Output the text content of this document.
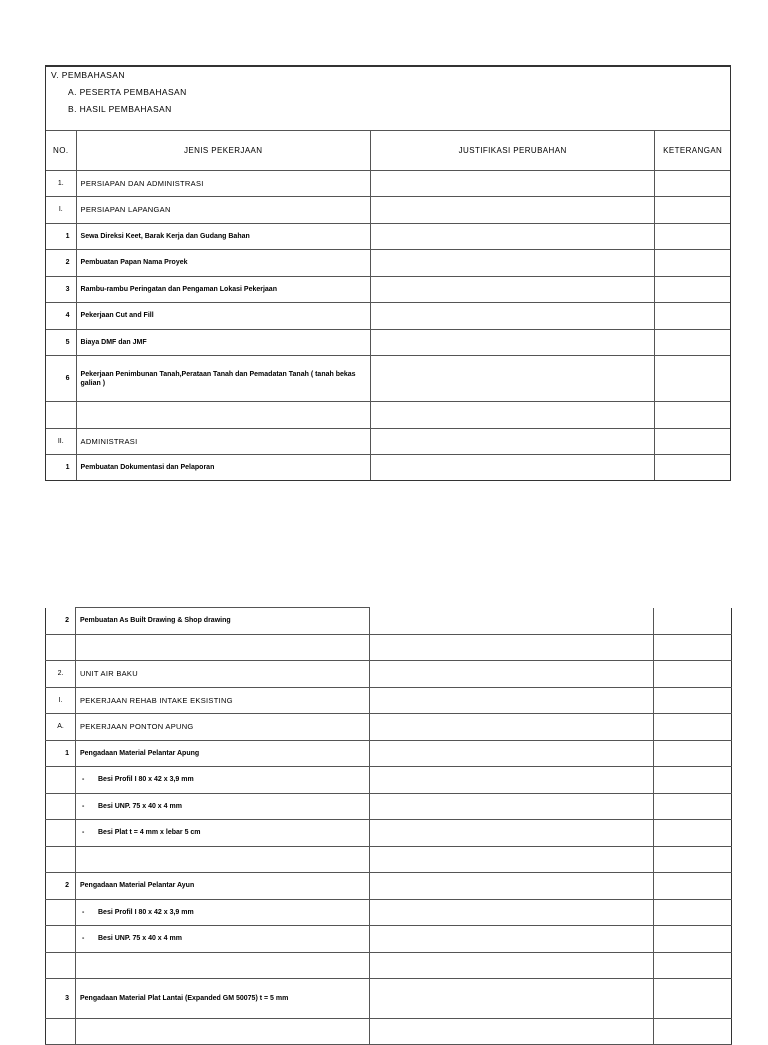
V. PEMBAHASAN
A. PESERTA PEMBAHASAN
B. HASIL PEMBAHASAN
NO.	JENIS PEKERJAAN	JUSTIFIKASI PERUBAHAN	KETERANGAN
1.	PERSIAPAN DAN ADMINISTRASI		
I.	PERSIAPAN LAPANGAN		
1	Sewa Direksi Keet, Barak Kerja dan Gudang Bahan		
2	Pembuatan Papan Nama Proyek		
3	Rambu-rambu Peringatan dan Pengaman Lokasi Pekerjaan		
4	Pekerjaan Cut and Fill		
5	Biaya DMF dan JMF		
6	Pekerjaan Penimbunan Tanah,Perataan Tanah dan Pemadatan Tanah ( tanah bekas galian )		

II.	ADMINISTRASI		
1	Pembuatan Dokumentasi dan Pelaporan		
2	Pembuatan As Built Drawing & Shop drawing		

2.	UNIT AIR BAKU		
I.	PEKERJAAN REHAB INTAKE EKSISTING		
A.	PEKERJAAN PONTON APUNG		
1	Pengadaan Material Pelantar Apung		
	- Besi Profil I 80 x 42 x 3,9 mm		
	- Besi UNP. 75 x 40 x 4 mm		
	- Besi Plat t = 4 mm x lebar 5 cm		

2	Pengadaan Material Pelantar Ayun		
	- Besi Profil I 80 x 42 x 3,9 mm		
	- Besi UNP. 75 x 40 x 4 mm		

3	Pengadaan Material Plat Lantai (Expanded GM 50075) t = 5 mm		
